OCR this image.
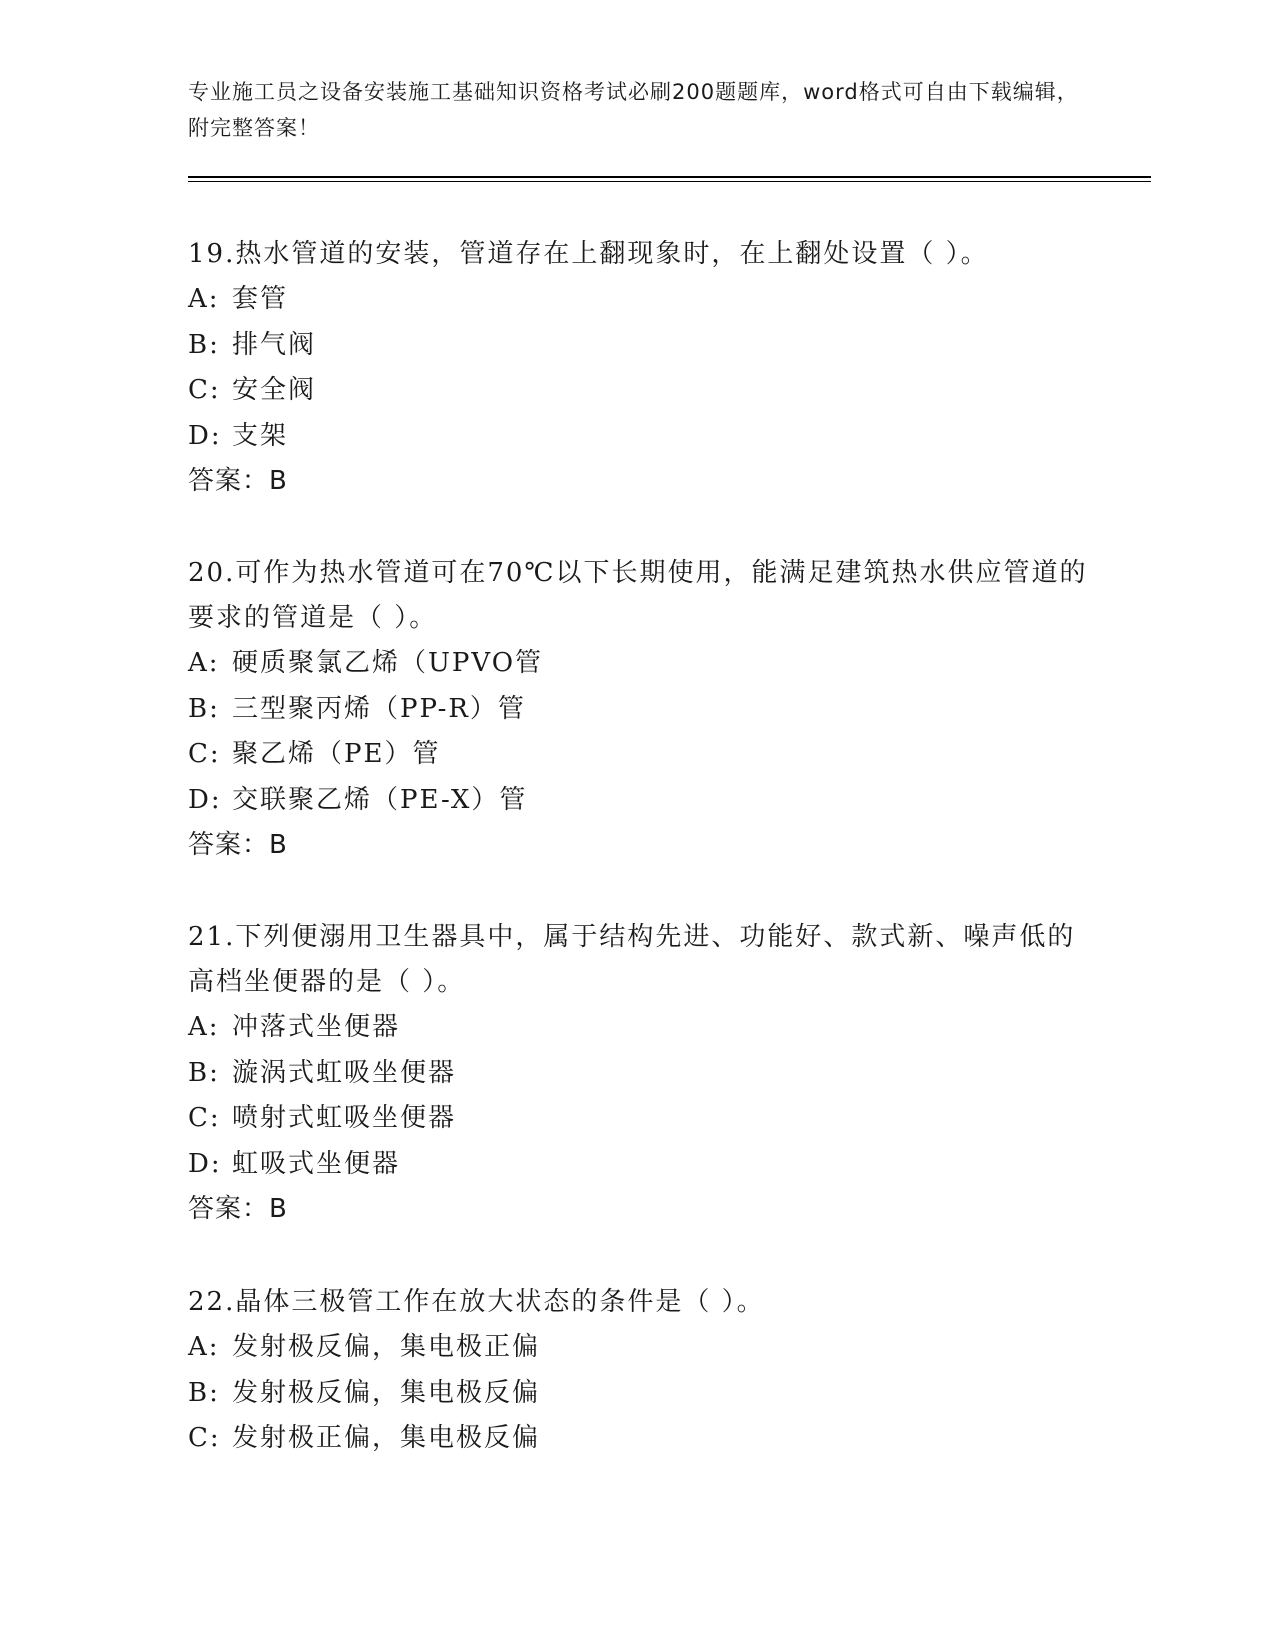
专业施工员之设备安装施工基础知识资格考试必刷200题题库，word格式可自由下载编辑，附完整答案！
19.热水管道的安装，管道存在上翻现象时，在上翻处设置（ ）。
A: 套管
B: 排气阀
C: 安全阀
D: 支架
答案：B
20.可作为热水管道可在70℃以下长期使用，能满足建筑热水供应管道的要求的管道是（ ）。
A: 硬质聚氯乙烯（UPVO管
B: 三型聚丙烯（PP-R）管
C: 聚乙烯（PE）管
D: 交联聚乙烯（PE-X）管
答案：B
21.下列便溺用卫生器具中，属于结构先进、功能好、款式新、噪声低的高档坐便器的是（ ）。
A: 冲落式坐便器
B: 漩涡式虹吸坐便器
C: 喷射式虹吸坐便器
D: 虹吸式坐便器
答案：B
22.晶体三极管工作在放大状态的条件是（ ）。
A: 发射极反偏，集电极正偏
B: 发射极反偏，集电极反偏
C: 发射极正偏，集电极反偏
